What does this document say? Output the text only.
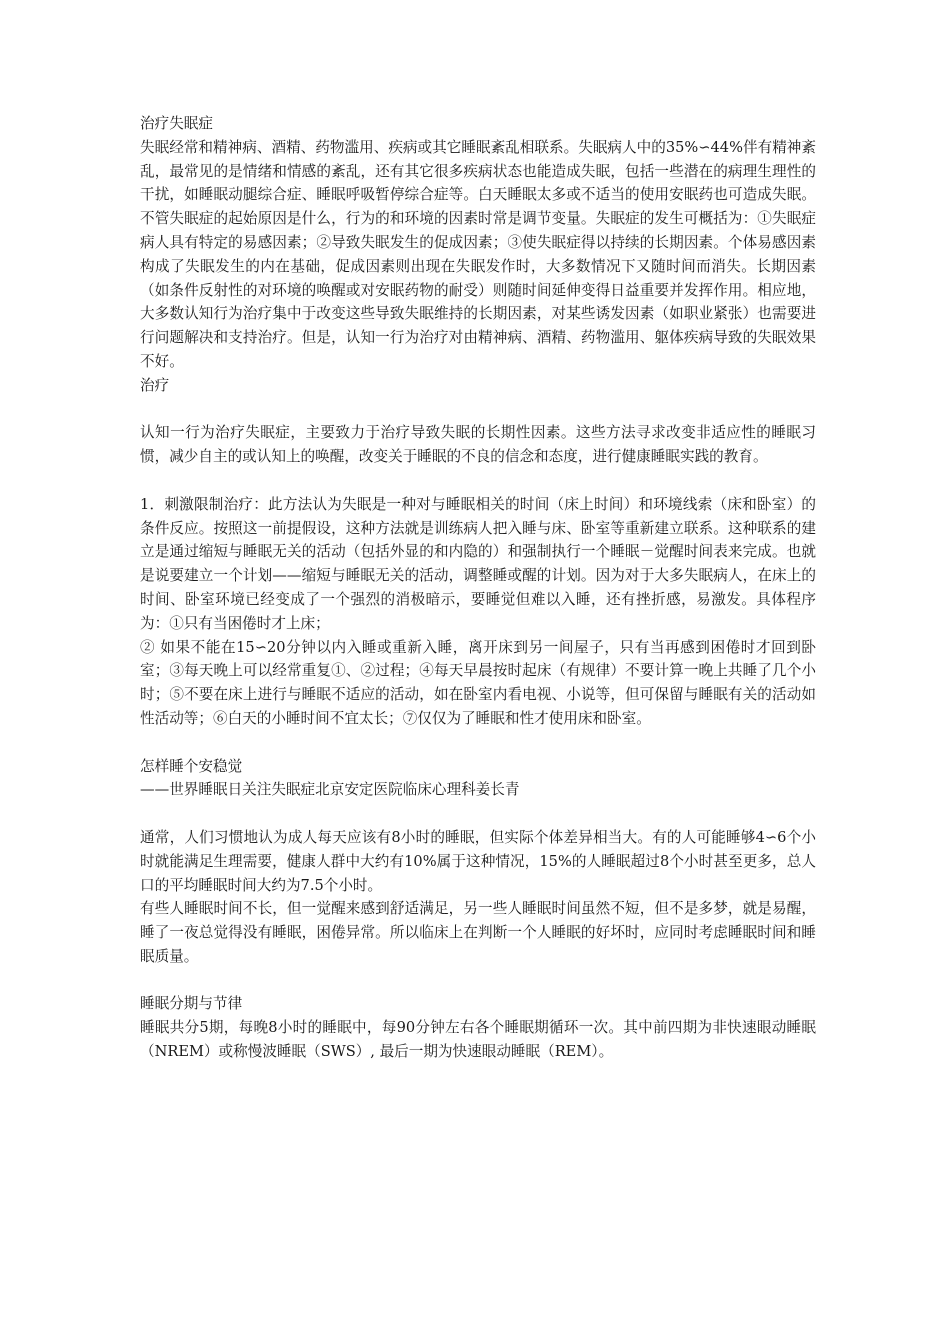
治疗失眠症
失眠经常和精神病、酒精、药物滥用、疾病或其它睡眠紊乱相联系。失眠病人中的35%∽44%伴有精神紊乱，最常见的是情绪和情感的紊乱，还有其它很多疾病状态也能造成失眠，包括一些潜在的病理生理性的干扰，如睡眠动腿综合症、睡眠呼吸暂停综合症等。白天睡眠太多或不适当的使用安眠药也可造成失眠。不管失眠症的起始原因是什么，行为的和环境的因素时常是调节变量。失眠症的发生可概括为：①失眠症病人具有特定的易感因素；②导致失眠发生的促成因素；③使失眠症得以持续的长期因素。个体易感因素构成了失眠发生的内在基础，促成因素则出现在失眠发作时，大多数情况下又随时间而消失。长期因素（如条件反射性的对环境的唤醒或对安眠药物的耐受）则随时间延伸变得日益重要并发挥作用。相应地，大多数认知行为治疗集中于改变这些导致失眠维持的长期因素，对某些诱发因素（如职业紧张）也需要进行问题解决和支持治疗。但是，认知一行为治疗对由精神病、酒精、药物滥用、躯体疾病导致的失眠效果不好。
治疗
认知一行为治疗失眠症，主要致力于治疗导致失眠的长期性因素。这些方法寻求改变非适应性的睡眠习惯，减少自主的或认知上的唤醒，改变关于睡眠的不良的信念和态度，进行健康睡眠实践的教育。
1．刺激限制治疗：此方法认为失眠是一种对与睡眠相关的时间（床上时间）和环境线索（床和卧室）的条件反应。按照这一前提假设，这种方法就是训练病人把入睡与床、卧室等重新建立联系。这种联系的建立是通过缩短与睡眠无关的活动（包括外显的和内隐的）和强制执行一个睡眠－觉醒时间表来完成。也就是说要建立一个计划——缩短与睡眠无关的活动，调整睡或醒的计划。因为对于大多失眠病人，在床上的时间、卧室环境已经变成了一个强烈的消极暗示，要睡觉但难以入睡，还有挫折感，易激发。具体程序为：①只有当困倦时才上床；
② 如果不能在15∽20分钟以内入睡或重新入睡，离开床到另一间屋子，只有当再感到困倦时才回到卧室；③每天晚上可以经常重复①、②过程；④每天早晨按时起床（有规律）不要计算一晚上共睡了几个小时；⑤不要在床上进行与睡眠不适应的活动，如在卧室内看电视、小说等，但可保留与睡眠有关的活动如性活动等；⑥白天的小睡时间不宜太长；⑦仅仅为了睡眠和性才使用床和卧室。
怎样睡个安稳觉
——世界睡眠日关注失眠症北京安定医院临床心理科姜长青
通常，人们习惯地认为成人每天应该有8小时的睡眠，但实际个体差异相当大。有的人可能睡够4∽6个小时就能满足生理需要，健康人群中大约有10%属于这种情况，15%的人睡眠超过8个小时甚至更多，总人口的平均睡眠时间大约为7.5个小时。
有些人睡眠时间不长，但一觉醒来感到舒适满足，另一些人睡眠时间虽然不短，但不是多梦，就是易醒，睡了一夜总觉得没有睡眠，困倦异常。所以临床上在判断一个人睡眠的好坏时，应同时考虑睡眠时间和睡眠质量。
睡眠分期与节律
睡眠共分5期，每晚8小时的睡眠中，每90分钟左右各个睡眠期循环一次。其中前四期为非快速眼动睡眠（NREM）或称慢波睡眠（SWS）, 最后一期为快速眼动睡眠（REM）。
